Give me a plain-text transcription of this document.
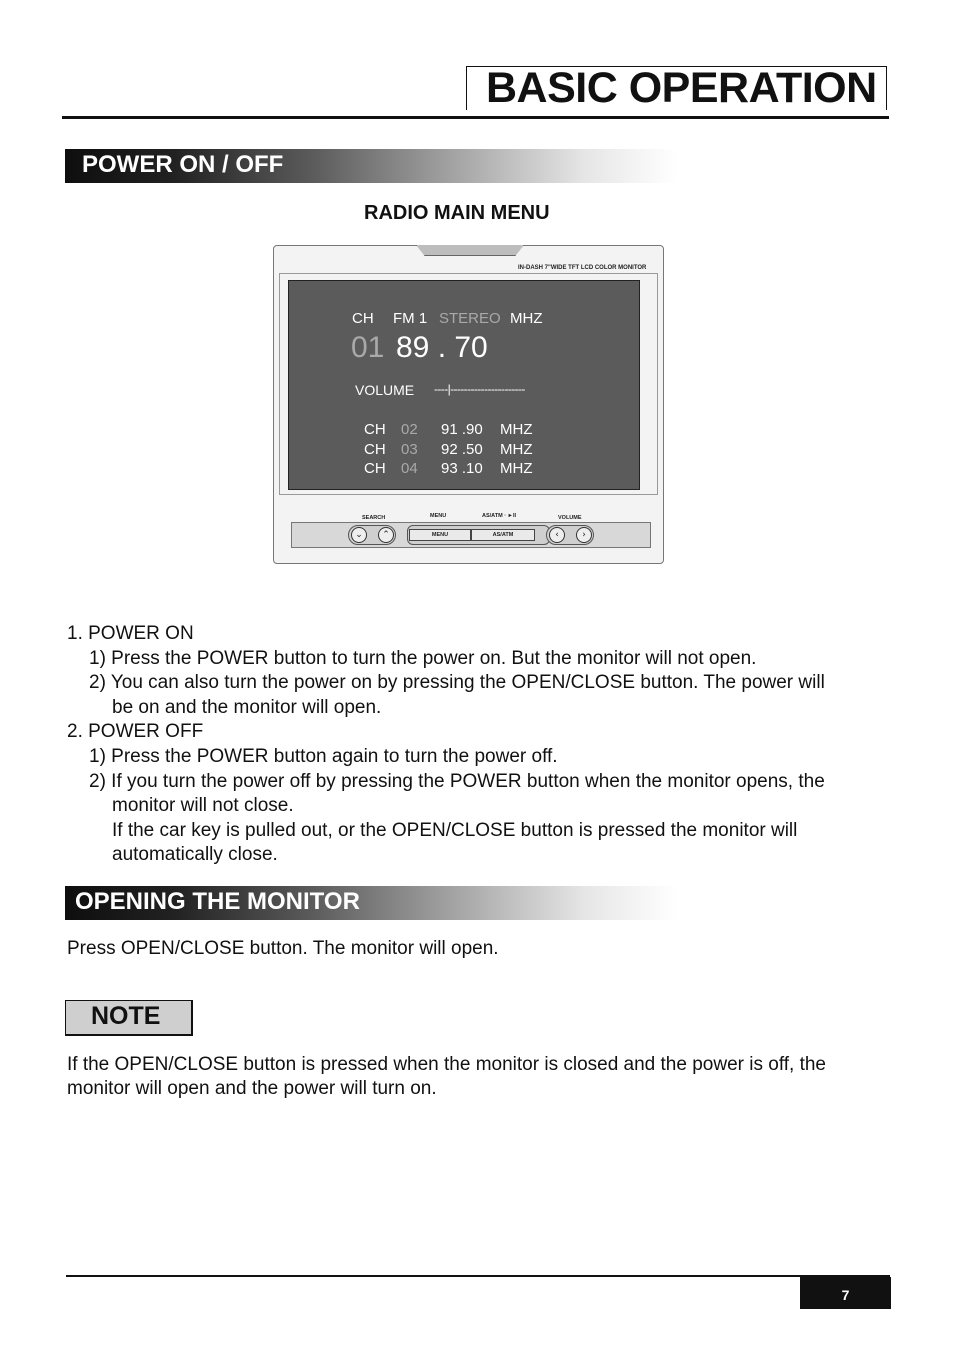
BASIC OPERATION
POWER ON / OFF
RADIO MAIN MENU
IN-DASH 7"WIDE TFT LCD COLOR MONITOR
CH FM 1 STEREO MHZ
01 89 . 70
VOLUME ----|----------------------
CH 02 91 .90 MHZ
CH 03 92 .50 MHZ
CH 04 93 .10 MHZ
SEARCH	MENU	AS/ATM · ►II	VOLUME
⌄	⌃	MENU	AS/ATM	‹	›
1. POWER ON
1) Press the POWER button to turn the power on. But the monitor will not open.
2) You can also turn the power on by pressing the OPEN/CLOSE button. The power will
be on and the monitor will open.
2. POWER OFF
1) Press the POWER button again to turn the power off.
2) If you turn the power off by pressing the POWER button when the monitor opens, the
monitor will not close.
If the car key is pulled out, or the OPEN/CLOSE button is pressed the monitor will
automatically close.
OPENING THE MONITOR
Press OPEN/CLOSE button. The monitor will open.
NOTE
If the OPEN/CLOSE button is pressed when the monitor is closed and the power is off, the
monitor will open and the power will turn on.
7
